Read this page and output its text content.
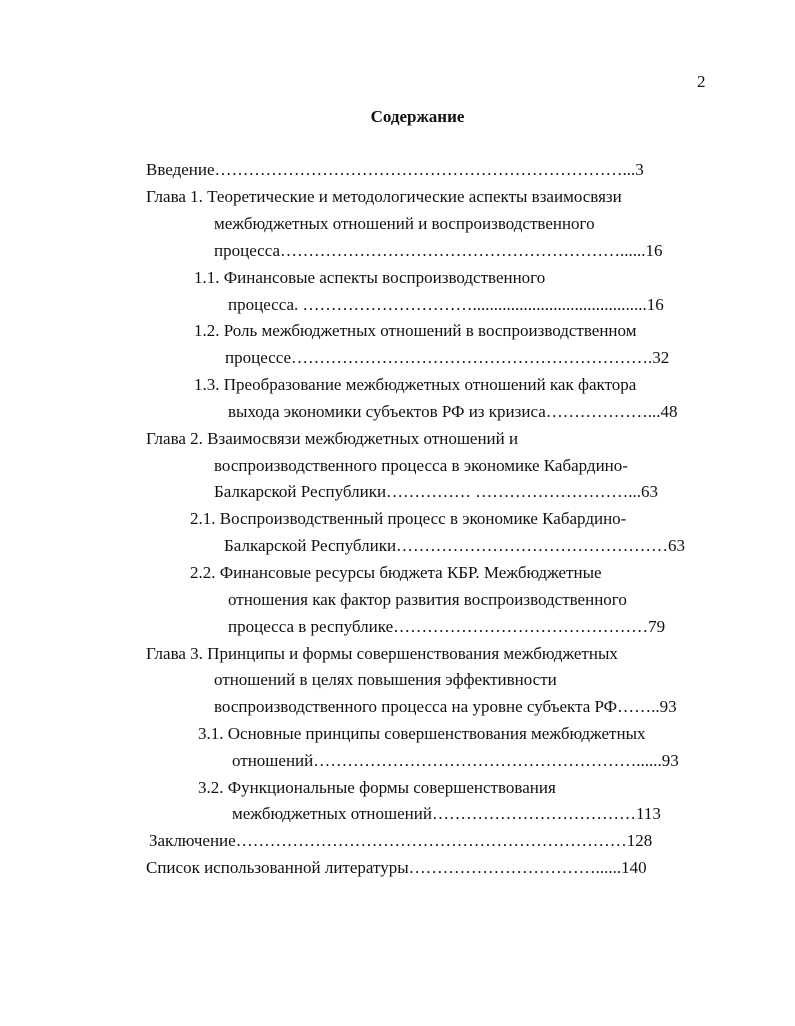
2
Содержание
Введение………………………………………………………………...3
Глава 1. Теоретические и методологические аспекты взаимосвязи
межбюджетных отношений и воспроизводственного
процесса……………………………………………………......16
1.1. Финансовые аспекты воспроизводственного
процесса. ………………………….........................................16
1.2. Роль межбюджетных отношений в воспроизводственном
процессе……………………………………………………….32
1.3. Преобразование межбюджетных отношений как фактора
выхода экономики субъектов РФ из кризиса………………...48
Глава 2. Взаимосвязи межбюджетных отношений и
воспроизводственного процесса в экономике Кабардино-
Балкарской Республики…………… ………………………...63
2.1. Воспроизводственный процесс в экономике Кабардино-
Балкарской Республики…………………………………………63
2.2. Финансовые ресурсы бюджета КБР. Межбюджетные
отношения как фактор развития воспроизводственного
процесса в республике………………………………………79
Глава 3. Принципы и формы совершенствования межбюджетных
отношений в целях повышения эффективности
воспроизводственного процесса на уровне субъекта РФ……..93
3.1. Основные принципы совершенствования межбюджетных
отношений…………………………………………………......93
3.2. Функциональные формы совершенствования
межбюджетных отношений………………………………113
Заключение……………………………………………………………128
Список использованной литературы……………………………......140
